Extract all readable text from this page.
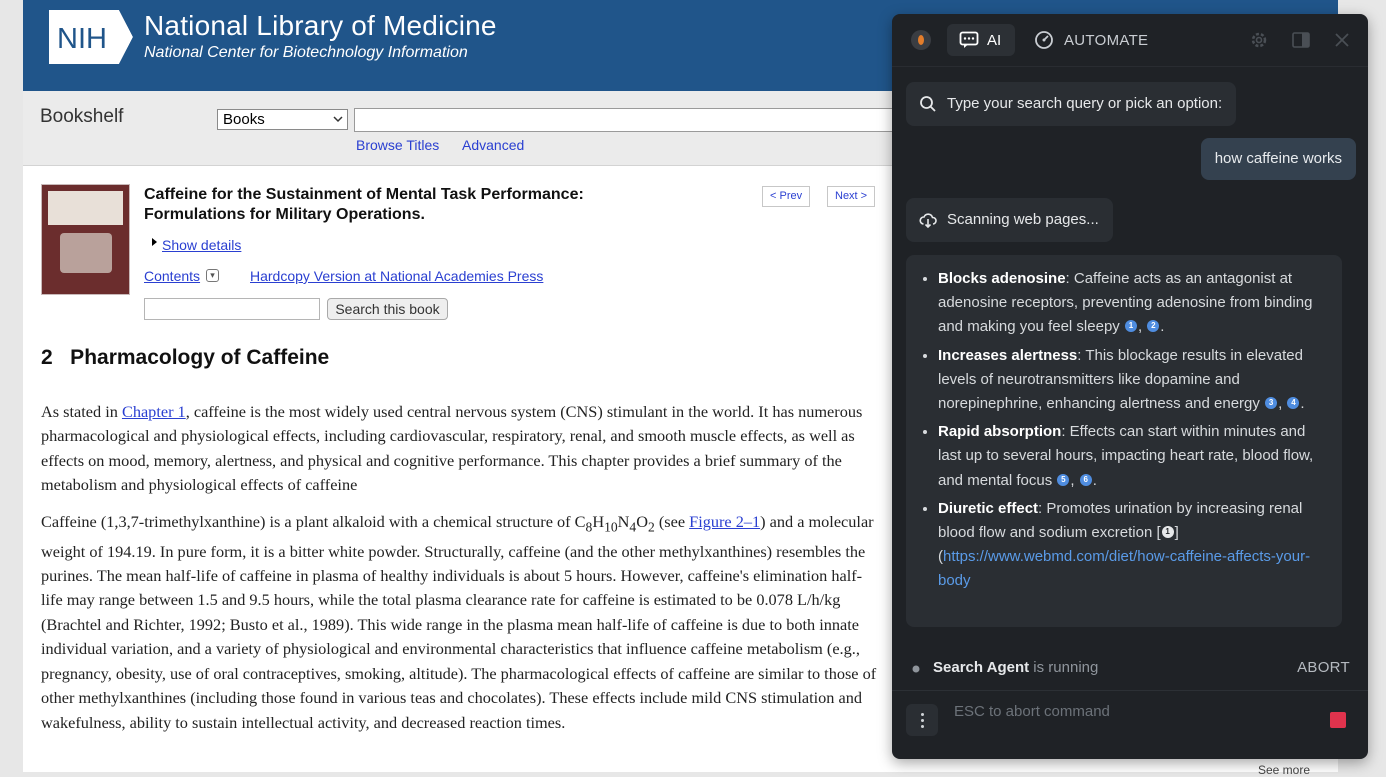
NIH National Library of Medicine
National Center for Biotechnology Information
Bookshelf	Books
Browse Titles Advanced
Caffeine for the Sustainment of Mental Task Performance: Formulations for Military Operations.
< Prev	Next >
Show details
Contents	▾	Hardcopy Version at National Academies Press
Search this book
2   Pharmacology of Caffeine
As stated in Chapter 1, caffeine is the most widely used central nervous system (CNS) stimulant in the world. It has numerous pharmacological and physiological effects, including cardiovascular, respiratory, renal, and smooth muscle effects, as well as effects on mood, memory, alertness, and physical and cognitive performance. This chapter provides a brief summary of the metabolism and physiological effects of caffeine
Caffeine (1,3,7-trimethylxanthine) is a plant alkaloid with a chemical structure of $C_8H_{10}N_4O_2$ (see Figure 2–1) and a molecular weight of 194.19. In pure form, it is a bitter white powder. Structurally, caffeine (and the other methylxanthines) resembles the purines. The mean half-life of caffeine in plasma of healthy individuals is about 5 hours. However, caffeine's elimination half-life may range between 1.5 and 9.5 hours, while the total plasma clearance rate for caffeine is estimated to be 0.078 L/h/kg (Brachtel and Richter, 1992; Busto et al., 1989). This wide range in the plasma mean half-life of caffeine is due to both innate individual variation, and a variety of physiological and environmental characteristics that influence caffeine metabolism (e.g., pregnancy, obesity, use of oral contraceptives, smoking, altitude). The pharmacological effects of caffeine are similar to those of other methylxanthines (including those found in various teas and chocolates). These effects include mild CNS stimulation and wakefulness, ability to sustain intellectual activity, and decreased reaction times.
See more
AI	AUTOMATE
Type your search query or pick an option:
how caffeine works
Scanning web pages...
• Blocks adenosine: Caffeine acts as an antagonist at adenosine receptors, preventing adenosine from binding and making you feel sleepy 1 , 2 .
• Increases alertness: This blockage results in elevated levels of neurotransmitters like dopamine and norepinephrine, enhancing alertness and energy 3 , 4 .
• Rapid absorption: Effects can start within minutes and last up to several hours, impacting heart rate, blood flow, and mental focus 5 , 6 .
• Diuretic effect: Promotes urination by increasing renal blood flow and sodium excretion [ 1 ] (https://www.webmd.com/diet/how-caffeine-affects-your-body
Search Agent is running	ABORT
ESC to abort command
